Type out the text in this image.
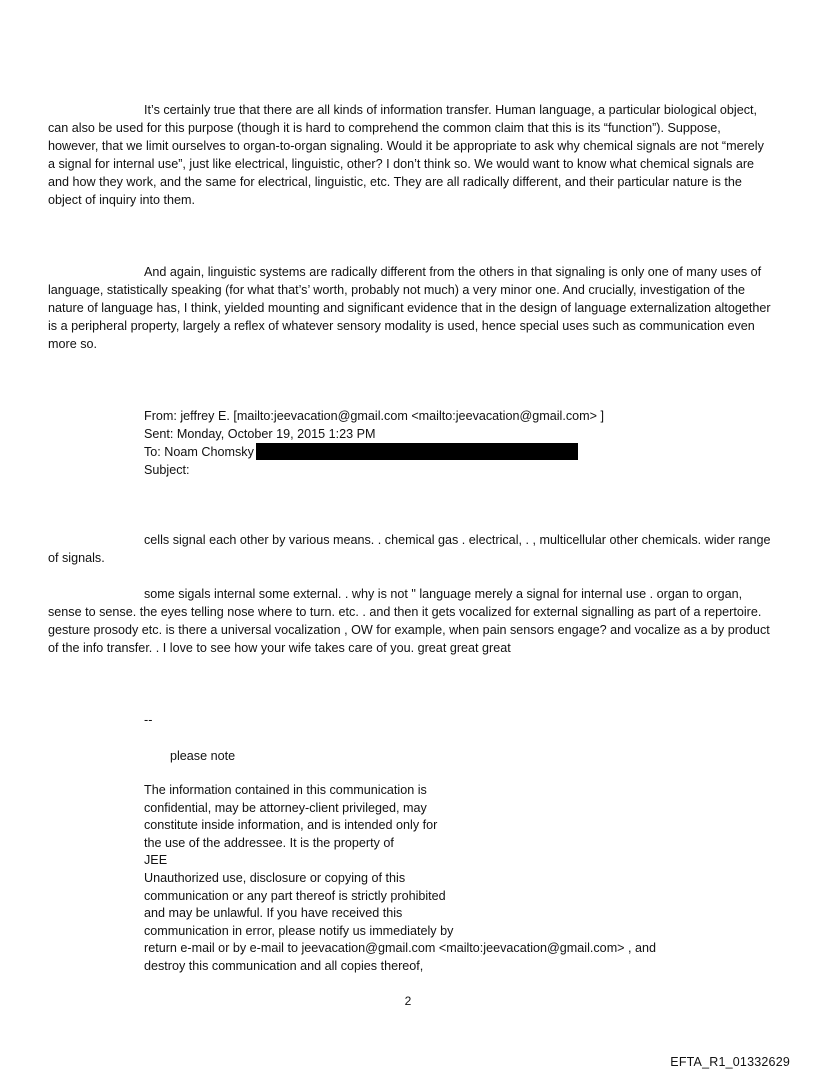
It’s certainly true that there are all kinds of information transfer. Human language, a particular biological object, can also be used for this purpose (though it is hard to comprehend the common claim that this is its “function”). Suppose, however, that we limit ourselves to organ-to-organ signaling. Would it be appropriate to ask why chemical signals are not “merely a signal for internal use”, just like electrical, linguistic, other? I don’t think so. We would want to know what chemical signals are and how they work, and the same for electrical, linguistic, etc. They are all radically different, and their particular nature is the object of inquiry into them.

And again, linguistic systems are radically different from the others in that signaling is only one of many uses of language, statistically speaking (for what that’s’ worth, probably not much) a very minor one. And crucially, investigation of the nature of language has, I think, yielded mounting and significant evidence that in the design of language externalization altogether is a peripheral property, largely a reflex of whatever sensory modality is used, hence special uses such as communication even more so.

From: jeffrey E. [mailto:jeevacation@gmail.com <mailto:jeevacation@gmail.com> ]
Sent: Monday, October 19, 2015 1:23 PM
To: Noam Chomsky
Subject:

cells signal each other by various means. . chemical gas . electrical, . , multicellular other chemicals. wider range of signals.

some sigals internal some external. . why is not " language merely a signal for internal use . organ to organ, sense to sense. the eyes telling nose where to turn. etc. . and then it gets vocalized for external signalling as part of a repertoire. gesture prosody etc. is there a universal vocalization , OW for example, when pain sensors engage? and vocalize as a by product of the info transfer. . I love to see how your wife takes care of you. great great great

--
please note
The information contained in this communication is
confidential, may be attorney-client privileged, may
constitute inside information, and is intended only for
the use of the addressee. It is the property of
JEE
Unauthorized use, disclosure or copying of this
communication or any part thereof is strictly prohibited
and may be unlawful. If you have received this
communication in error, please notify us immediately by
return e-mail or by e-mail to jeevacation@gmail.com <mailto:jeevacation@gmail.com> , and
destroy this communication and all copies thereof,
2
EFTA_R1_01332629
